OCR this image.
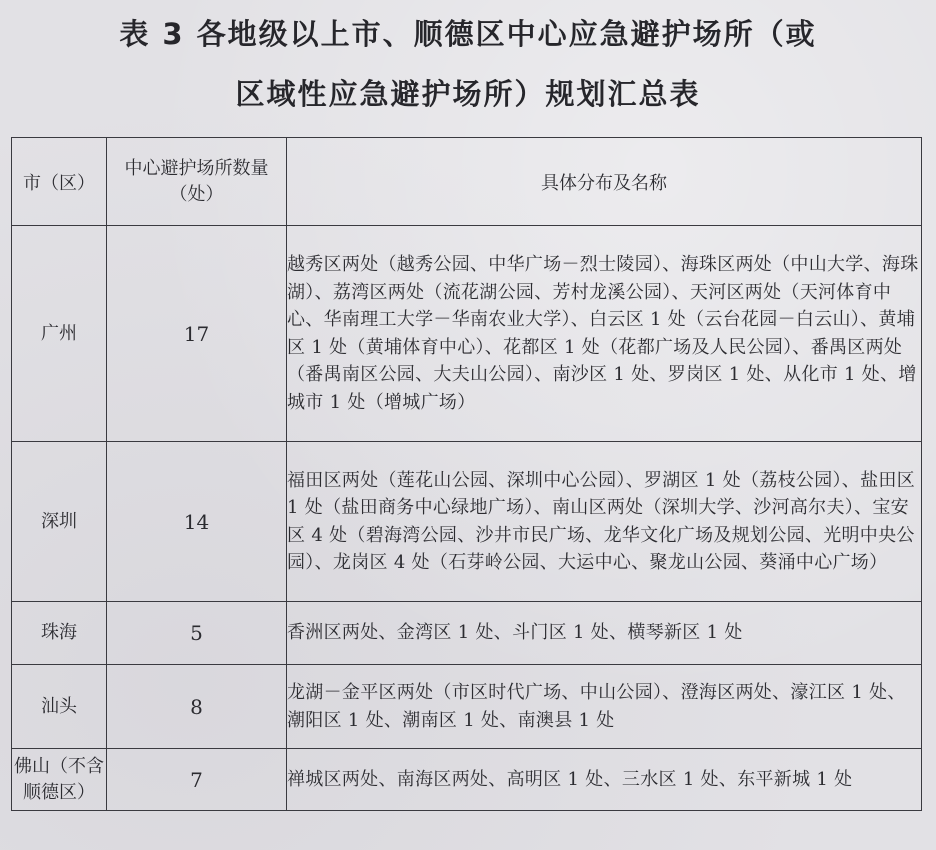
表 3 各地级以上市、顺德区中心应急避护场所（或
区域性应急避护场所）规划汇总表
市（区）	中心避护场所数量（处）	具体分布及名称
广州	17	越秀区两处（越秀公园、中华广场－烈士陵园）、海珠区两处（中山大学、海珠湖）、荔湾区两处（流花湖公园、芳村龙溪公园）、天河区两处（天河体育中心、华南理工大学－华南农业大学）、白云区 1 处（云台花园－白云山）、黄埔区 1 处（黄埔体育中心）、花都区 1 处（花都广场及人民公园）、番禺区两处（番禺南区公园、大夫山公园）、南沙区 1 处、罗岗区 1 处、从化市 1 处、增城市 1 处（增城广场）
深圳	14	福田区两处（莲花山公园、深圳中心公园）、罗湖区 1 处（荔枝公园）、盐田区 1 处（盐田商务中心绿地广场）、南山区两处（深圳大学、沙河高尔夫）、宝安区 4 处（碧海湾公园、沙井市民广场、龙华文化广场及规划公园、光明中央公园）、龙岗区 4 处（石芽岭公园、大运中心、聚龙山公园、葵涌中心广场）
珠海	5	香洲区两处、金湾区 1 处、斗门区 1 处、横琴新区 1 处
汕头	8	龙湖－金平区两处（市区时代广场、中山公园）、澄海区两处、濠江区 1 处、潮阳区 1 处、潮南区 1 处、南澳县 1 处
佛山（不含顺德区）	7	禅城区两处、南海区两处、高明区 1 处、三水区 1 处、东平新城 1 处
